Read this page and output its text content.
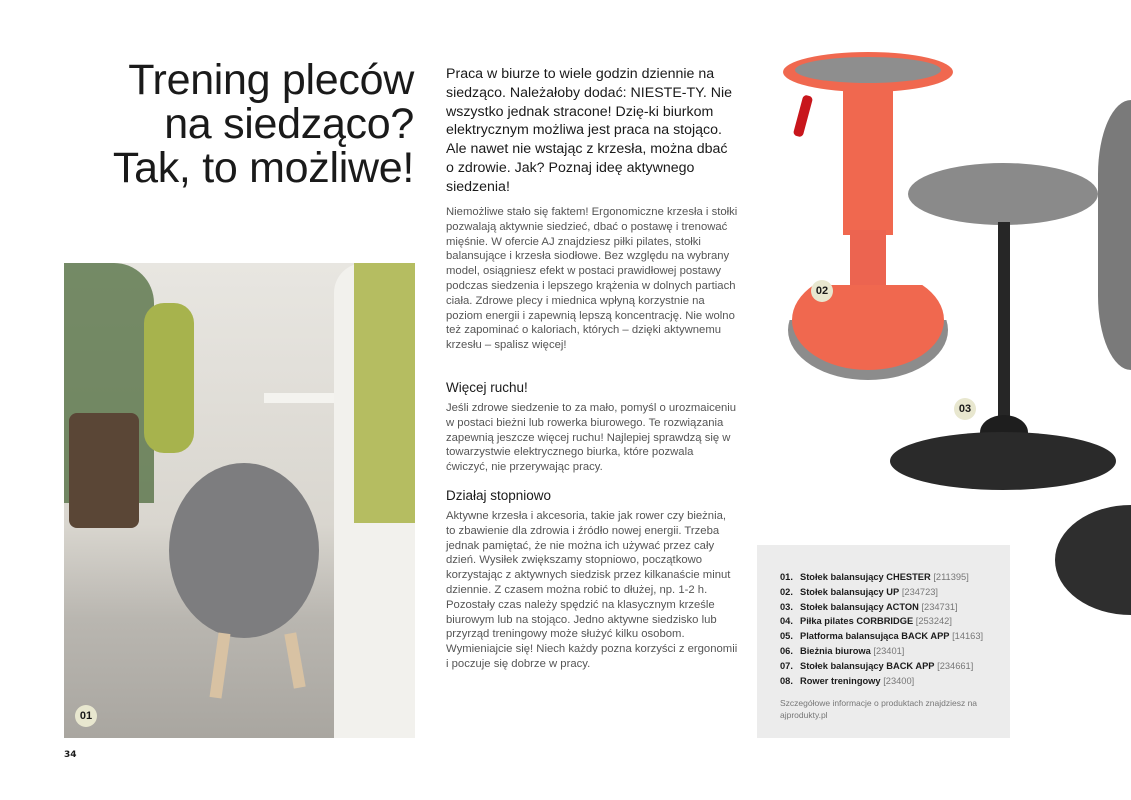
Trening pleców
na siedząco?
Tak, to możliwe!
Praca w biurze to wiele godzin dziennie na siedząco. Należałoby dodać: NIESTE-TY. Nie wszystko jednak stracone! Dzię-ki biurkom elektrycznym możliwa jest praca na stojąco. Ale nawet nie wstając z krzesła, można dbać o zdrowie. Jak? Poznaj ideę aktywnego siedzenia!
Niemożliwe stało się faktem! Ergonomiczne krzesła i stołki pozwalają aktywnie siedzieć, dbać o postawę i trenować mięśnie. W ofercie AJ znajdziesz piłki pilates, stołki balansujące i krzesła siodłowe. Bez względu na wybrany model, osiągniesz efekt w postaci prawidłowej postawy podczas siedzenia i lepszego krążenia w dolnych partiach ciała. Zdrowe plecy i miednica wpłyną korzystnie na poziom energii i zapewnią lepszą koncentrację. Nie wolno też zapominać o kaloriach, których – dzięki aktywnemu krzesłu – spalisz więcej!
Więcej ruchu!
Jeśli zdrowe siedzenie to za mało, pomyśl o urozmaiceniu w postaci bieżni lub rowerka biurowego. Te rozwiązania zapewnią jeszcze więcej ruchu! Najlepiej sprawdzą się w towarzystwie elektrycznego biurka, które pozwala ćwiczyć, nie przerywając pracy.
Działaj stopniowo
Aktywne krzesła i akcesoria, takie jak rower czy bieżnia, to zbawienie dla zdrowia i źródło nowej energii. Trzeba jednak pamiętać, że nie można ich używać przez cały dzień. Wysiłek zwiększamy stopniowo, początkowo korzystając z aktywnych siedzisk przez kilkanaście minut dziennie. Z czasem można robić to dłużej, np. 1-2 h. Pozostały czas należy spędzić na klasycznym krześle biurowym lub na stojąco. Jedno aktywne siedzisko lub przyrząd treningowy może służyć kilku osobom. Wymieniajcie się! Niech każdy pozna korzyści z ergonomii i poczuje się dobrze w pracy.
01
02
03
01. Stołek balansujący CHESTER [211395]
02. Stołek balansujący UP [234723]
03. Stołek balansujący ACTON [234731]
04. Piłka pilates CORBRIDGE [253242]
05. Platforma balansująca BACK APP [14163]
06. Bieżnia biurowa [23401]
07. Stołek balansujący BACK APP [234661]
08. Rower treningowy [23400]
Szczegółowe informacje o produktach znajdziesz na ajprodukty.pl
34
